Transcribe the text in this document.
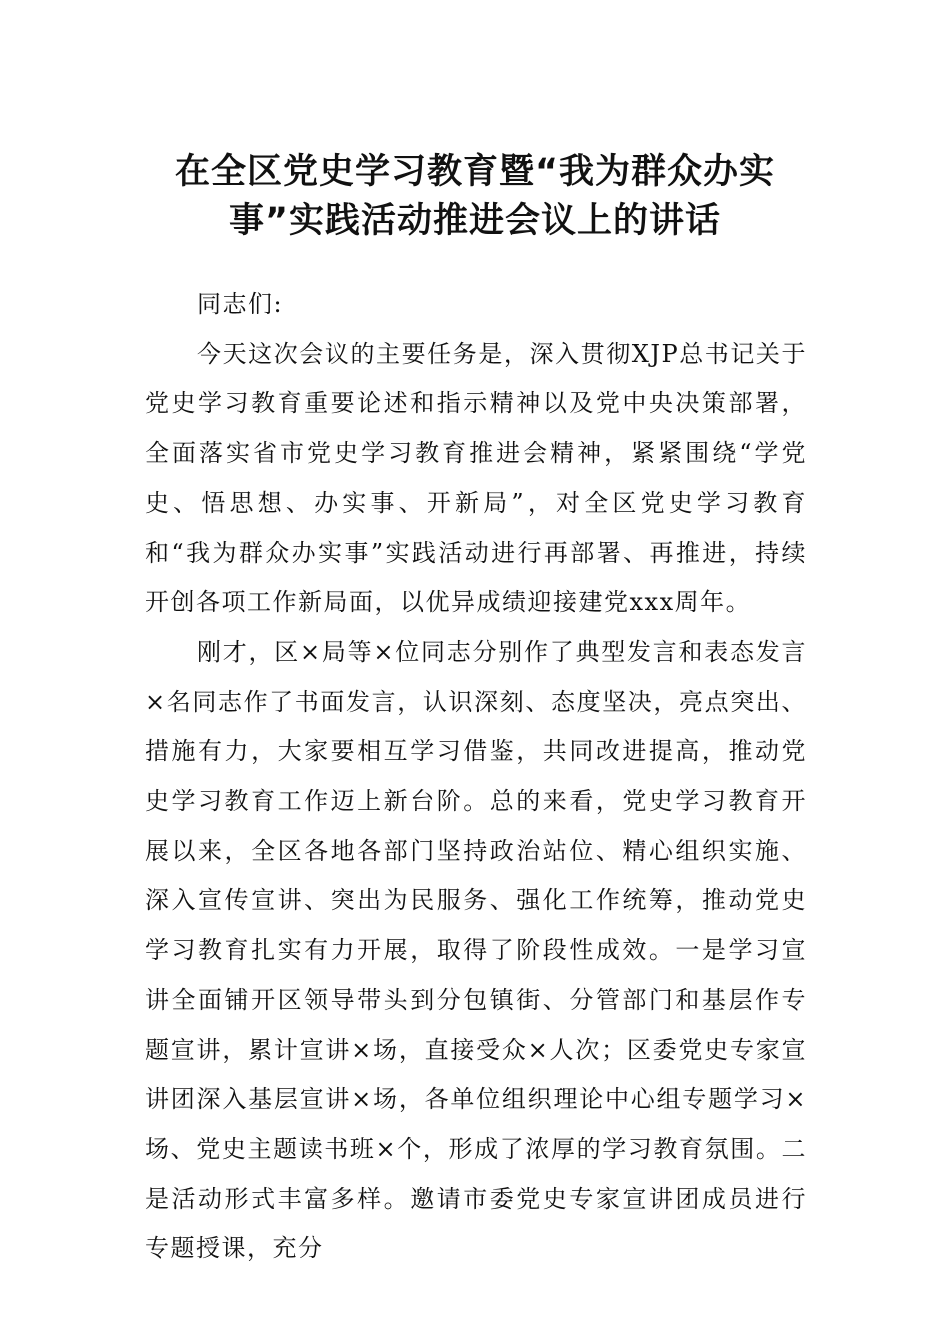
在全区党史学习教育暨“我为群众办实
事”实践活动推进会议上的讲话

同志们:

今天这次会议的主要任务是，深入贯彻XJP总书记关于党史学习教育重要论述和指示精神以及党中央决策部署，全面落实省市党史学习教育推进会精神，紧紧围绕“学党史、悟思想、办实事、开新局”，对全区党史学习教育和“我为群众办实事”实践活动进行再部署、再推进，持续开创各项工作新局面，以优异成绩迎接建党xxx周年。

刚才，区×局等×位同志分别作了典型发言和表态发言×名同志作了书面发言，认识深刻、态度坚决，亮点突出、措施有力，大家要相互学习借鉴，共同改进提高，推动党史学习教育工作迈上新台阶。总的来看，党史学习教育开展以来，全区各地各部门坚持政治站位、精心组织实施、深入宣传宣讲、突出为民服务、强化工作统筹，推动党史学习教育扎实有力开展，取得了阶段性成效。一是学习宣讲全面铺开区领导带头到分包镇街、分管部门和基层作专题宣讲，累计宣讲×场，直接受众×人次；区委党史专家宣讲团深入基层宣讲×场，各单位组织理论中心组专题学习×场、党史主题读书班×个，形成了浓厚的学习教育氛围。二是活动形式丰富多样。邀请市委党史专家宣讲团成员进行专题授课，充分
